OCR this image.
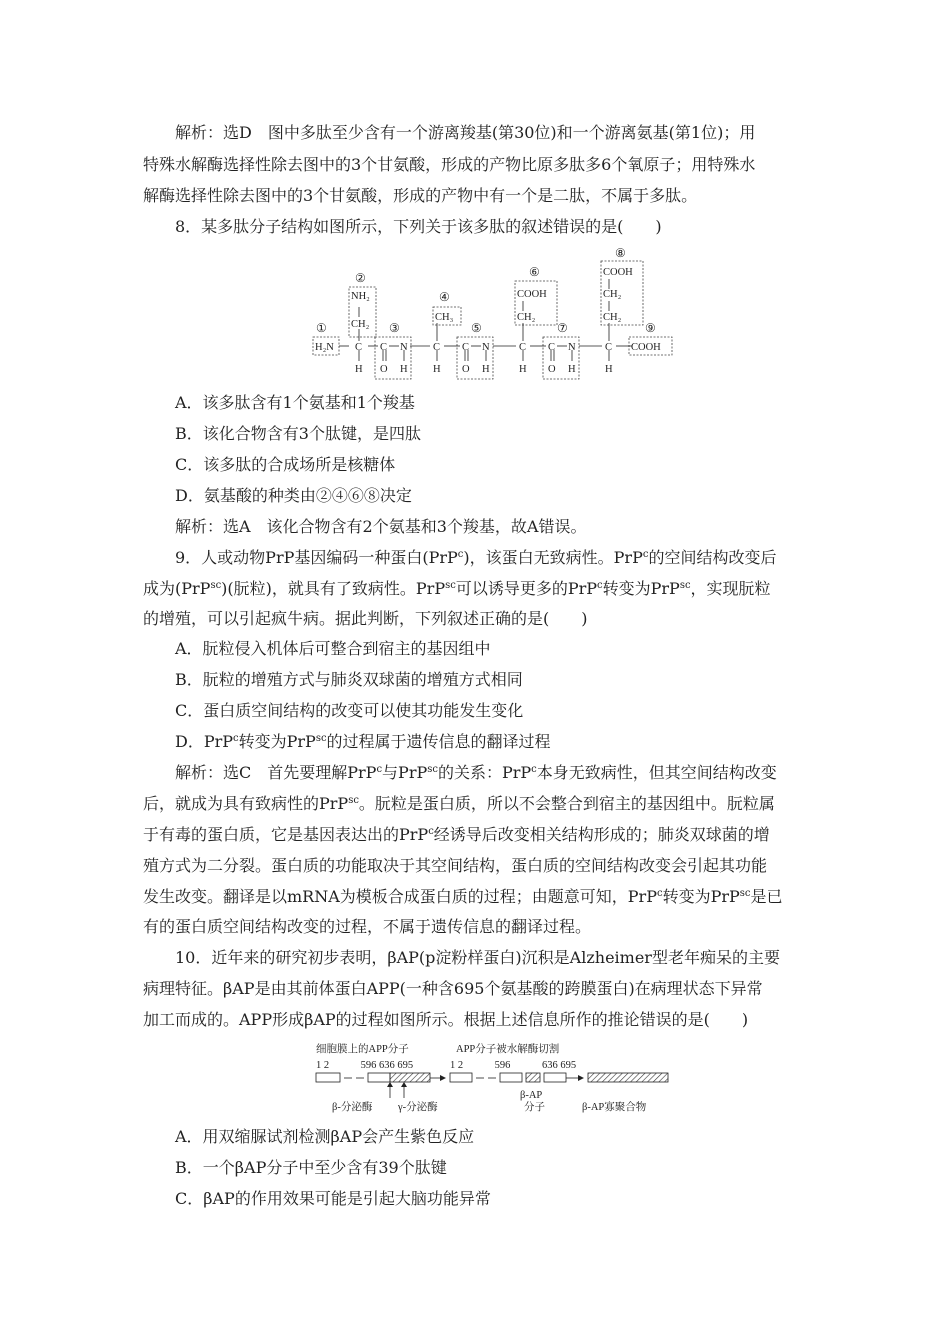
解析：选D　图中多肽至少含有一个游离羧基(第30位)和一个游离氨基(第1位)；用
特殊水解酶选择性除去图中的3个甘氨酸，形成的产物比原多肽多6个氧原子；用特殊水
解酶选择性除去图中的3个甘氨酸，形成的产物中有一个是二肽，不属于多肽。
8．某多肽分子结构如图所示，下列关于该多肽的叙述错误的是(　　)
①
②
③
④
⑤
⑥
⑦
⑧
⑨
H₂N
NH₂
CH₂
CH₃
COOH
CH₂
COOH
CH₂
CH₂
COOH
C C N C C N	C C N	C
H O H H O H	H O H	H
A．该多肽含有1个氨基和1个羧基
B．该化合物含有3个肽键，是四肽
C．该多肽的合成场所是核糖体
D．氨基酸的种类由②④⑥⑧决定
解析：选A　该化合物含有2个氨基和3个羧基，故A错误。
9．人或动物PrP基因编码一种蛋白(PrP$^c$)，该蛋白无致病性。PrP$^c$的空间结构改变后
成为(PrP$^{sc}$)(朊粒)，就具有了致病性。PrP$^{sc}$可以诱导更多的PrP$^c$转变为PrP$^{sc}$，实现朊粒
的增殖，可以引起疯牛病。据此判断，下列叙述正确的是(　　)
A．朊粒侵入机体后可整合到宿主的基因组中
B．朊粒的增殖方式与肺炎双球菌的增殖方式相同
C．蛋白质空间结构的改变可以使其功能发生变化
D．PrP$^c$转变为PrP$^{sc}$的过程属于遗传信息的翻译过程
解析：选C　首先要理解PrP$^c$与PrP$^{sc}$的关系：PrP$^c$本身无致病性，但其空间结构改变
后，就成为具有致病性的PrP$^{sc}$。朊粒是蛋白质，所以不会整合到宿主的基因组中。朊粒属
于有毒的蛋白质，它是基因表达出的PrP$^c$经诱导后改变相关结构形成的；肺炎双球菌的增
殖方式为二分裂。蛋白质的功能取决于其空间结构，蛋白质的空间结构改变会引起其功能
发生改变。翻译是以mRNA为模板合成蛋白质的过程；由题意可知，PrP$^c$转变为PrP$^{sc}$是已
有的蛋白质空间结构改变的过程，不属于遗传信息的翻译过程。
10．近年来的研究初步表明，βAP(p淀粉样蛋白)沉积是Alzheimer型老年痴呆的主要
病理特征。βAP是由其前体蛋白APP(一种含695个氨基酸的跨膜蛋白)在病理状态下异常
加工而成的。APP形成βAP的过程如图所示。根据上述信息所作的推论错误的是(　　)
细胞膜上的APP分子	APP分子被水解酶切割
1 2　　　596 636 695	1 2　　　596	636 695
β-分泌酶 γ-分泌酶
β-AP
分子	β-AP寡聚合物
A．用双缩脲试剂检测βAP会产生紫色反应
B．一个βAP分子中至少含有39个肽键
C．βAP的作用效果可能是引起大脑功能异常
